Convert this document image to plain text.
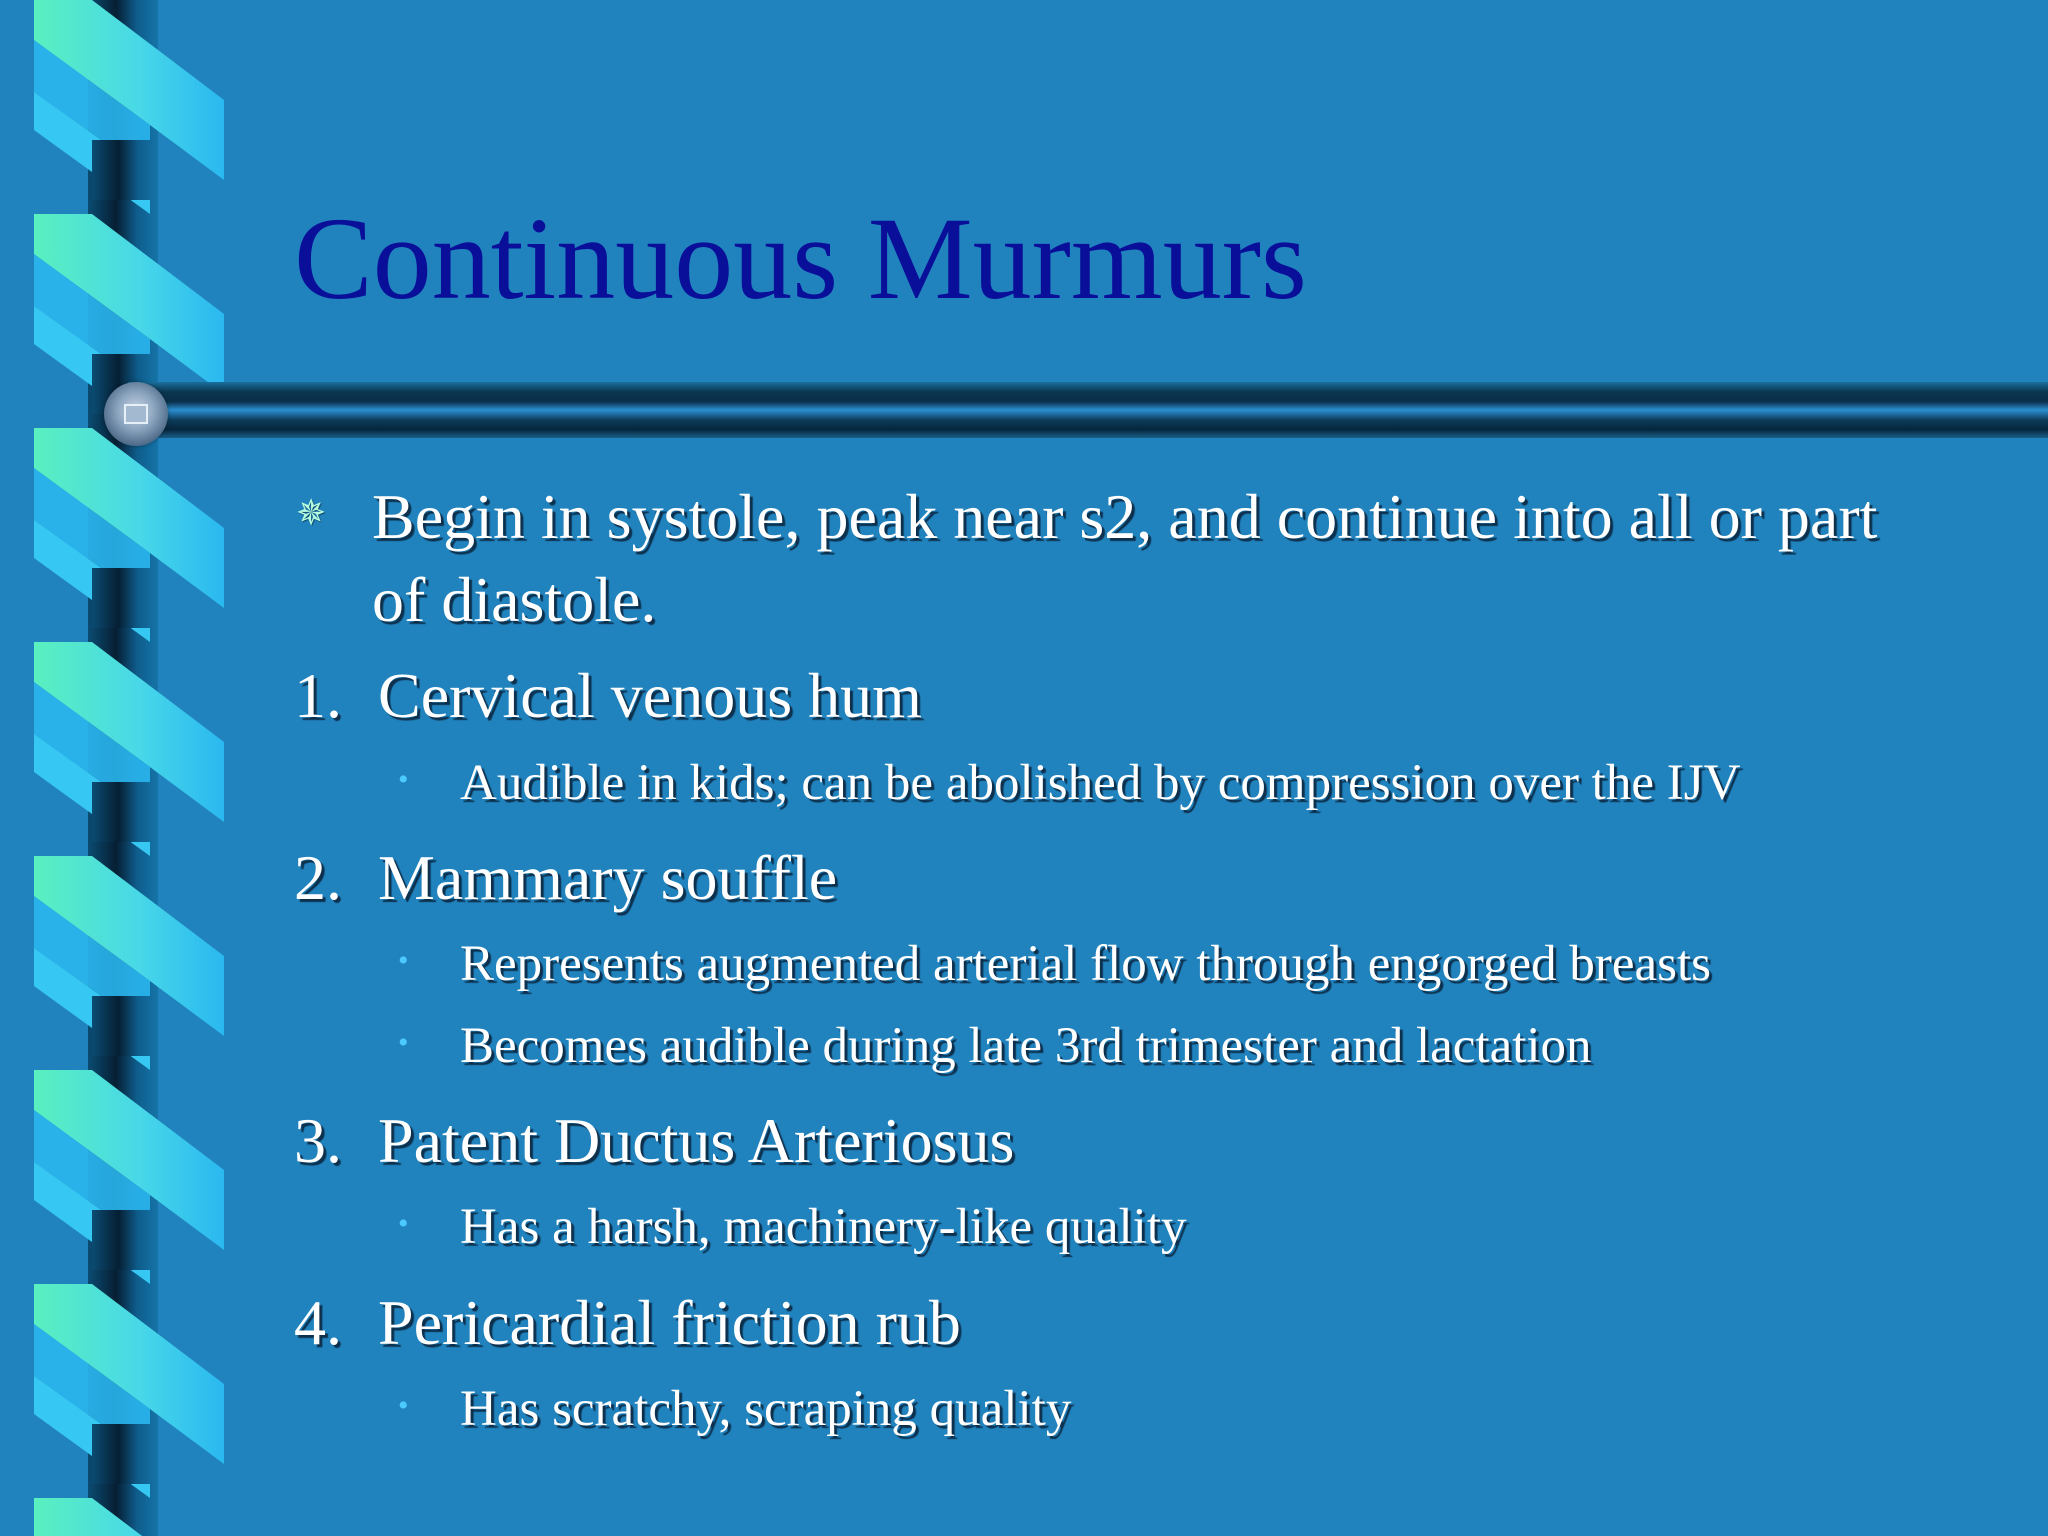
Continuous Murmurs
✵ Begin in systole, peak near s2, and continue into all or part
of diastole.
1. Cervical venous hum
• Audible in kids; can be abolished by compression over the IJV
2. Mammary souffle
• Represents augmented arterial flow through engorged breasts
• Becomes audible during late 3rd trimester and lactation
3. Patent Ductus Arteriosus
• Has a harsh, machinery-like quality
4. Pericardial friction rub
• Has scratchy, scraping quality
